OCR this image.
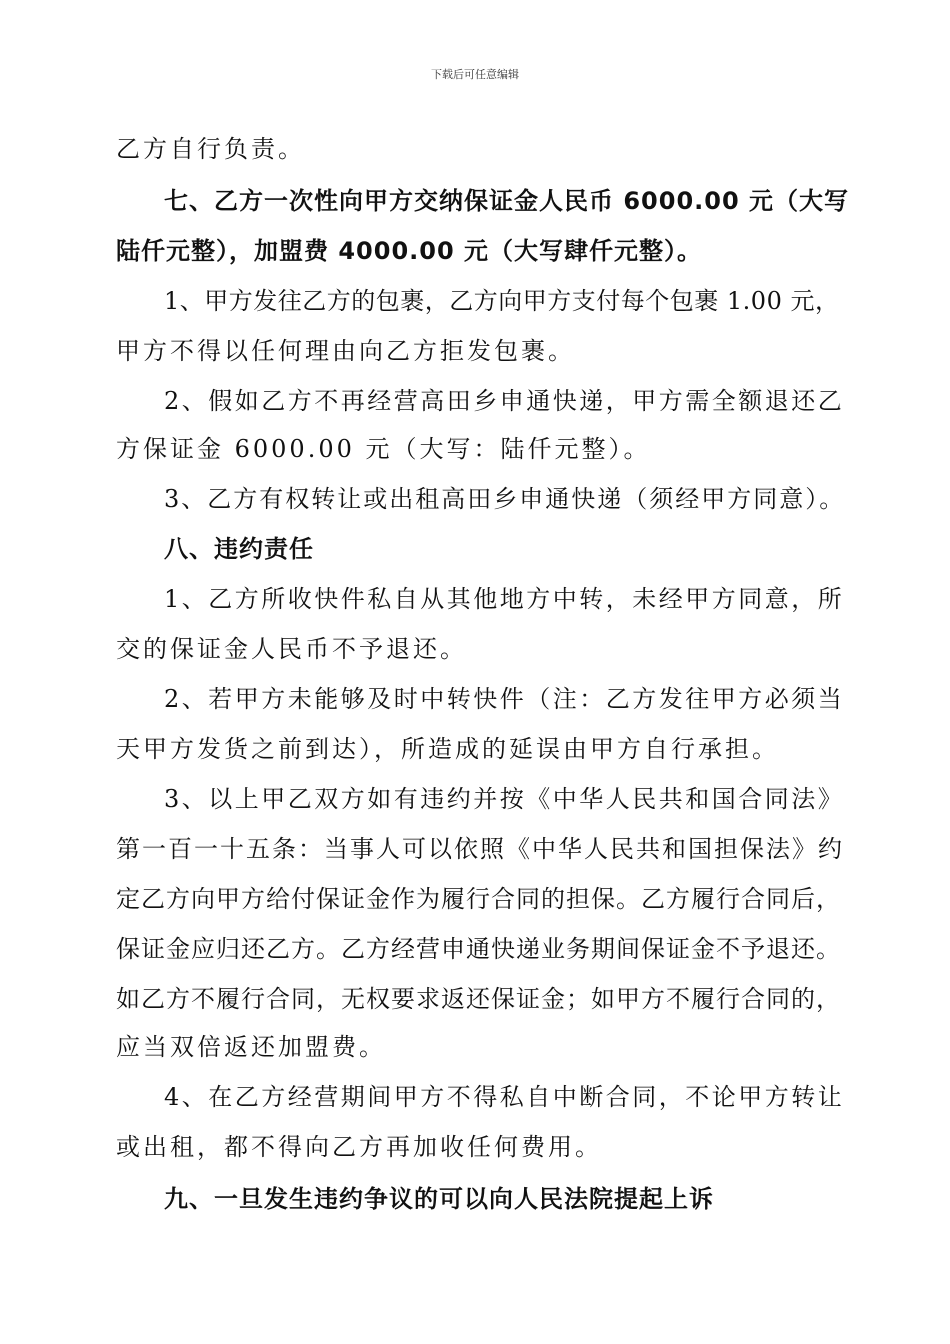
下载后可任意编辑
乙方自行负责。
七、乙方一次性向甲方交纳保证金人民币 6000.00 元（大写
陆仟元整），加盟费 4000.00 元（大写肆仟元整）。
1、甲方发往乙方的包裹，乙方向甲方支付每个包裹 1.00 元，
甲方不得以任何理由向乙方拒发包裹。
2、假如乙方不再经营高田乡申通快递，甲方需全额退还乙
方保证金 6000.00 元（大写：陆仟元整）。
3、乙方有权转让或出租高田乡申通快递（须经甲方同意）。
八、违约责任
1、乙方所收快件私自从其他地方中转，未经甲方同意，所
交的保证金人民币不予退还。
2、若甲方未能够及时中转快件（注：乙方发往甲方必须当
天甲方发货之前到达），所造成的延误由甲方自行承担。
3、以上甲乙双方如有违约并按《中华人民共和国合同法》
第一百一十五条：当事人可以依照《中华人民共和国担保法》约
定乙方向甲方给付保证金作为履行合同的担保。乙方履行合同后，
保证金应归还乙方。乙方经营申通快递业务期间保证金不予退还。
如乙方不履行合同，无权要求返还保证金；如甲方不履行合同的，
应当双倍返还加盟费。
4、在乙方经营期间甲方不得私自中断合同，不论甲方转让
或出租，都不得向乙方再加收任何费用。
九、一旦发生违约争议的可以向人民法院提起上诉
